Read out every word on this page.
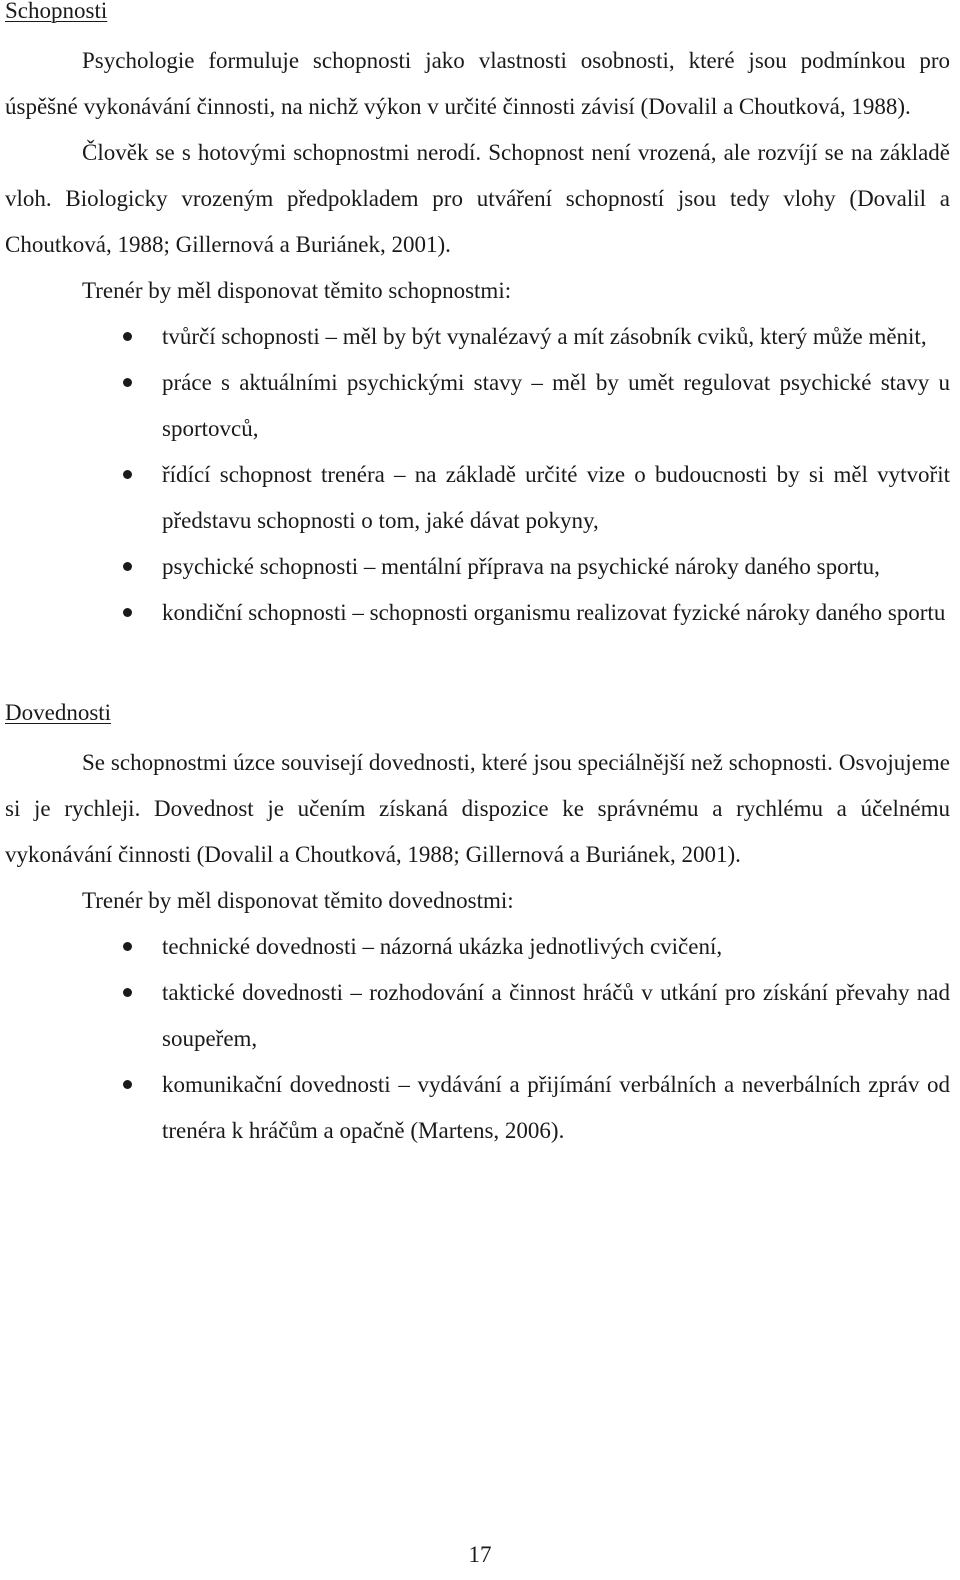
Schopnosti
Psychologie formuluje schopnosti jako vlastnosti osobnosti, které jsou podmínkou pro úspěšné vykonávání činnosti, na nichž výkon v určité činnosti závisí (Dovalil a Choutková, 1988).
Člověk se s hotovými schopnostmi nerodí. Schopnost není vrozená, ale rozvíjí se na základě vloh. Biologicky vrozeným předpokladem pro utváření schopností jsou tedy vlohy (Dovalil a Choutková, 1988; Gillernová a Buriánek, 2001).
Trenér by měl disponovat těmito schopnostmi:
tvůrčí schopnosti – měl by být vynalézavý a mít zásobník cviků, který může měnit,
práce s aktuálními psychickými stavy – měl by umět regulovat psychické stavy u sportovců,
řídící schopnost trenéra – na základě určité vize o budoucnosti by si měl vytvořit představu schopnosti o tom, jaké dávat pokyny,
psychické schopnosti – mentální příprava na psychické nároky daného sportu,
kondiční schopnosti – schopnosti organismu realizovat fyzické nároky daného sportu
Dovednosti
Se schopnostmi úzce souvisejí dovednosti, které jsou speciálnější než schopnosti. Osvojujeme si je rychleji. Dovednost je učením získaná dispozice ke správnému a rychlému a účelnému vykonávání činnosti (Dovalil a Choutková, 1988; Gillernová a Buriánek, 2001).
Trenér by měl disponovat těmito dovednostmi:
technické dovednosti – názorná ukázka jednotlivých cvičení,
taktické dovednosti – rozhodování a činnost hráčů v utkání pro získání převahy nad soupeřem,
komunikační dovednosti – vydávání a přijímání verbálních a neverbálních zpráv od trenéra k hráčům a opačně (Martens, 2006).
17
